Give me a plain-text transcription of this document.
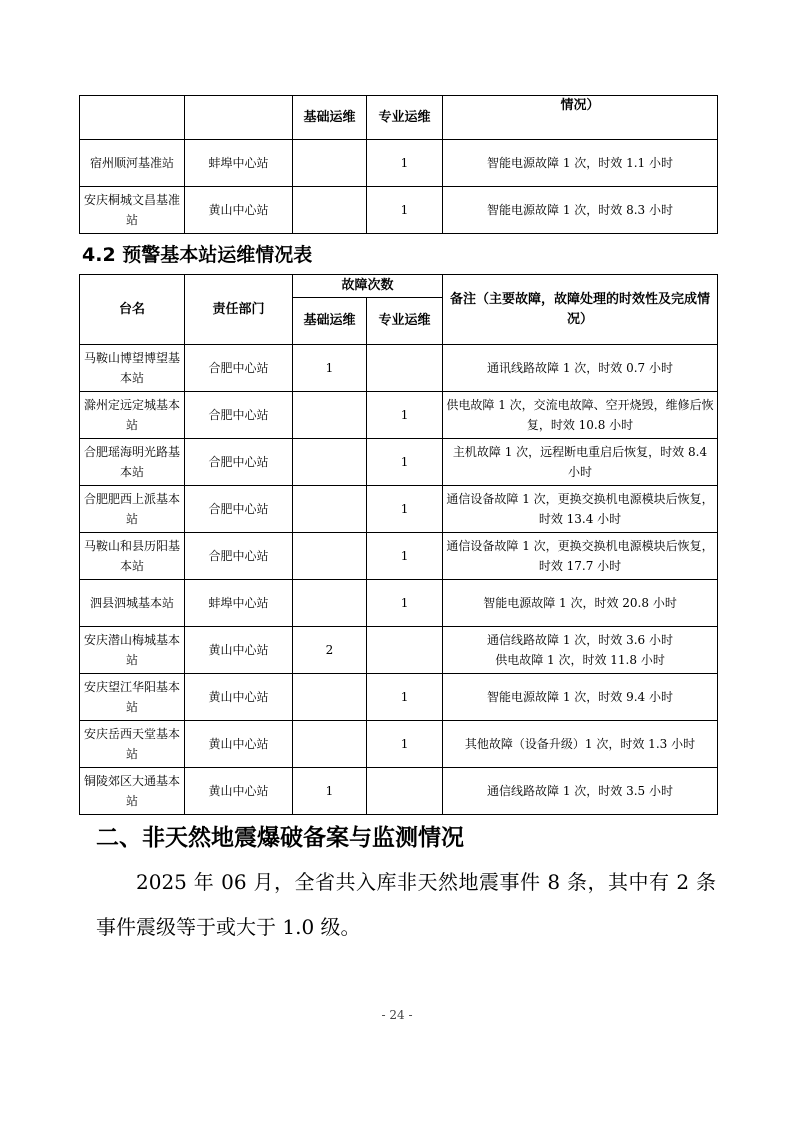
		基础运维	专业运维	情况）
宿州顺河基准站	蚌埠中心站		1	智能电源故障 1 次，时效 1.1 小时
安庆桐城文昌基准站	黄山中心站		1	智能电源故障 1 次，时效 8.3 小时
4.2 预警基本站运维情况表
台名	责任部门	故障次数		备注（主要故障，故障处理的时效性及完成情况）
		基础运维	专业运维	
马鞍山博望博望基本站	合肥中心站	1		通讯线路故障 1 次，时效 0.7 小时
滁州定远定城基本站	合肥中心站		1	供电故障 1 次，交流电故障、空开烧毁，维修后恢复，时效 10.8 小时
合肥瑶海明光路基本站	合肥中心站		1	主机故障 1 次，远程断电重启后恢复，时效 8.4 小时
合肥肥西上派基本站	合肥中心站		1	通信设备故障 1 次，更换交换机电源模块后恢复，时效 13.4 小时
马鞍山和县历阳基本站	合肥中心站		1	通信设备故障 1 次，更换交换机电源模块后恢复，时效 17.7 小时
泗县泗城基本站	蚌埠中心站		1	智能电源故障 1 次，时效 20.8 小时
安庆潜山梅城基本站	黄山中心站	2		通信线路故障 1 次，时效 3.6 小时
供电故障 1 次，时效 11.8 小时

安庆望江华阳基本站	黄山中心站		1	智能电源故障 1 次，时效 9.4 小时
安庆岳西天堂基本站	黄山中心站		1	其他故障（设备升级）1 次，时效 1.3 小时
铜陵郊区大通基本站	黄山中心站	1		通信线路故障 1 次，时效 3.5 小时
二、非天然地震爆破备案与监测情况

2025 年 06 月，全省共入库非天然地震事件 8 条，其中有 2 条事件震级等于或大于 1.0 级。

- 24 -
